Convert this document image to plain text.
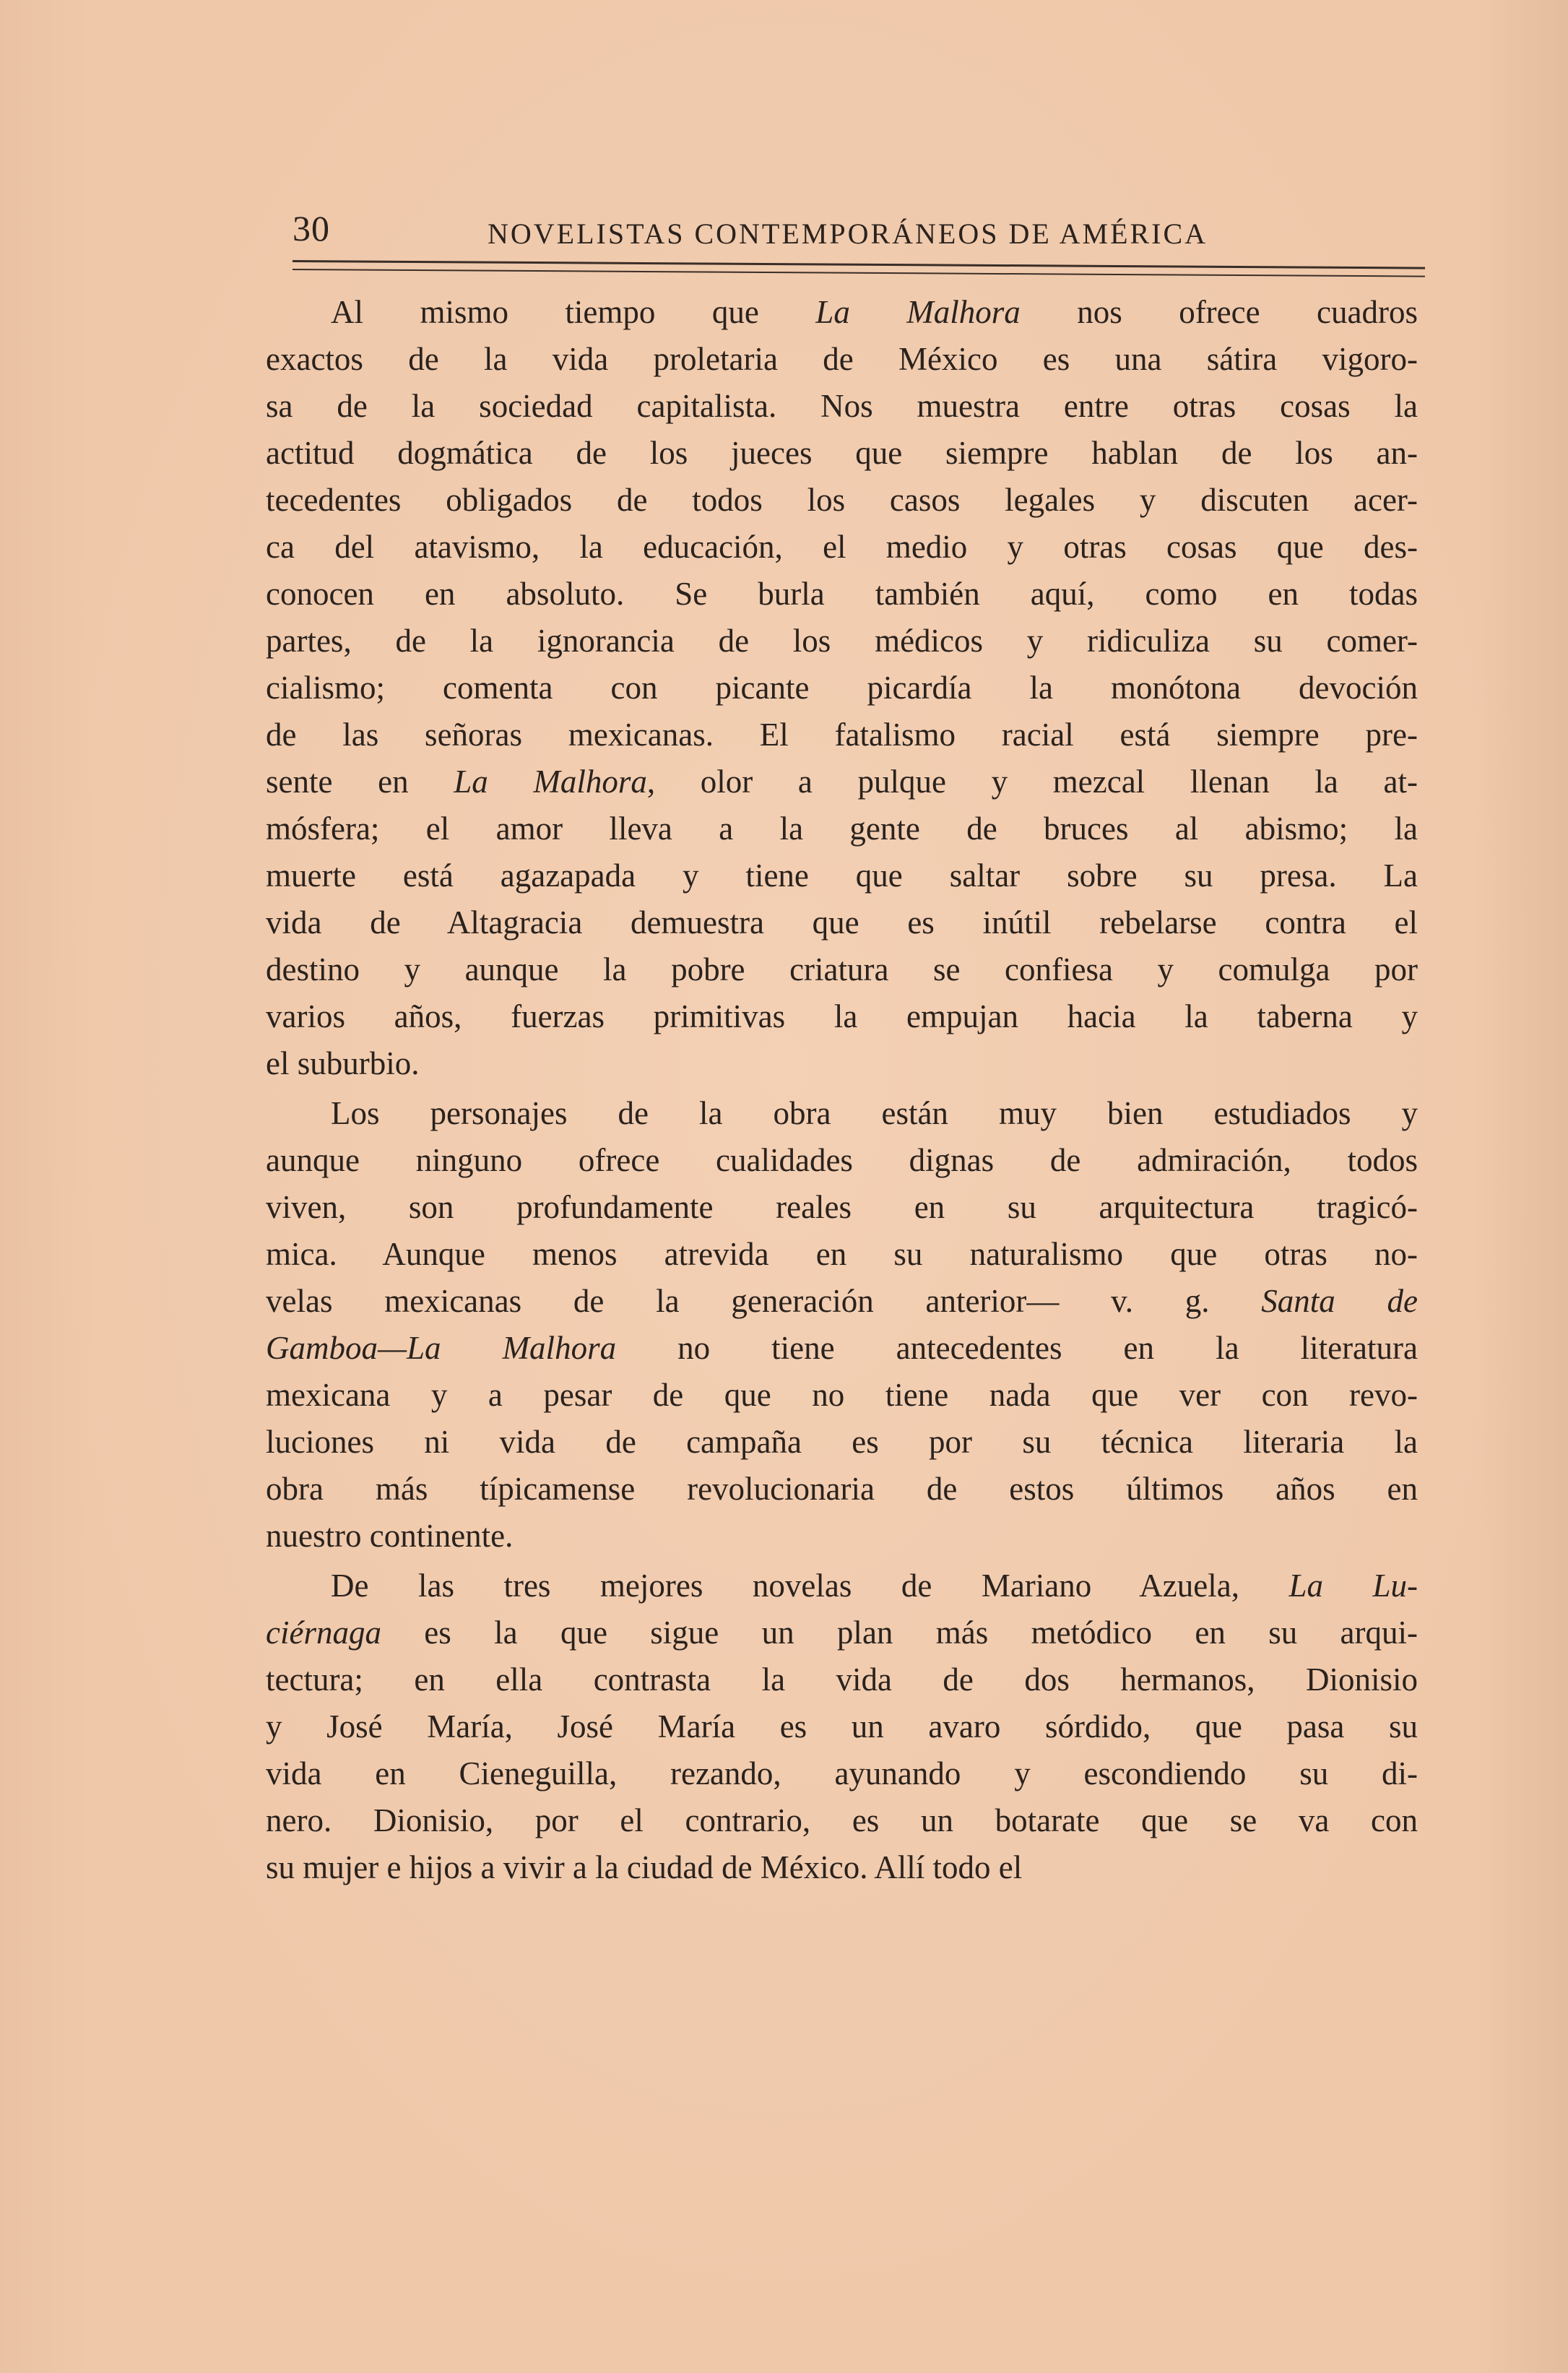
30	NOVELISTAS CONTEMPORÁNEOS DE AMÉRICA
Al mismo tiempo que La Malhora nos ofrece cuadros
exactos de la vida proletaria de México es una sátira vigoro-
sa de la sociedad capitalista. Nos muestra entre otras cosas la
actitud dogmática de los jueces que siempre hablan de los an-
tecedentes obligados de todos los casos legales y discuten acer-
ca del atavismo, la educación, el medio y otras cosas que des-
conocen en absoluto. Se burla también aquí, como en todas
partes, de la ignorancia de los médicos y ridiculiza su comer-
cialismo; comenta con picante picardía la monótona devoción
de las señoras mexicanas. El fatalismo racial está siempre pre-
sente en La Malhora, olor a pulque y mezcal llenan la at-
mósfera; el amor lleva a la gente de bruces al abismo; la
muerte está agazapada y tiene que saltar sobre su presa. La
vida de Altagracia demuestra que es inútil rebelarse contra el
destino y aunque la pobre criatura se confiesa y comulga por
varios años, fuerzas primitivas la empujan hacia la taberna y
el suburbio.
Los personajes de la obra están muy bien estudiados y
aunque ninguno ofrece cualidades dignas de admiración, todos
viven, son profundamente reales en su arquitectura tragicó-
mica. Aunque menos atrevida en su naturalismo que otras no-
velas mexicanas de la generación anterior— v. g. Santa de
Gamboa—La Malhora no tiene antecedentes en la literatura
mexicana y a pesar de que no tiene nada que ver con revo-
luciones ni vida de campaña es por su técnica literaria la
obra más típicamense revolucionaria de estos últimos años en
nuestro continente.
De las tres mejores novelas de Mariano Azuela, La Lu-
ciérnaga es la que sigue un plan más metódico en su arqui-
tectura; en ella contrasta la vida de dos hermanos, Dionisio
y José María, José María es un avaro sórdido, que pasa su
vida en Cieneguilla, rezando, ayunando y escondiendo su di-
nero. Dionisio, por el contrario, es un botarate que se va con
su mujer e hijos a vivir a la ciudad de México. Allí todo el
